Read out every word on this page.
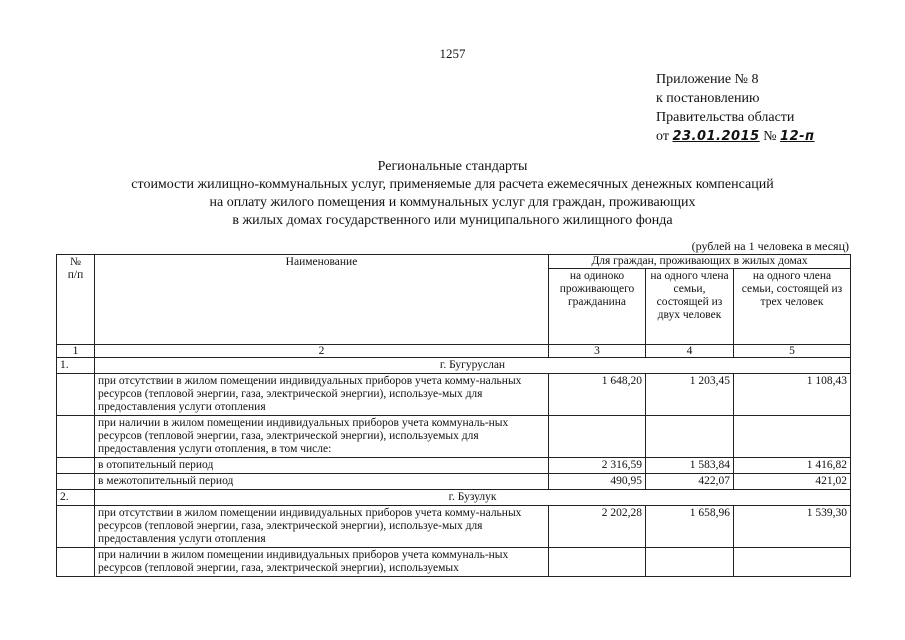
1257
Приложение № 8
к постановлению
Правительства области
от 23.01.2015 № 12-п
Региональные стандарты
стоимости жилищно-коммунальных услуг, применяемые для расчета ежемесячных денежных компенсаций
на оплату жилого помещения и коммунальных услуг для граждан, проживающих
в жилых домах государственного или муниципального жилищного фонда
(рублей на 1 человека в месяц)
№
п/п	Наименование	Для граждан, проживающих в жилых домах		
		на одиноко проживающего гражданина	на одного члена семьи, состоящей из двух человек	на одного члена семьи, состоящей из трех человек
1	2	3	4	5
1.	г. Бугуруслан			
	при отсутствии в жилом помещении индивидуальных приборов учета комму-нальных ресурсов (тепловой энергии, газа, электрической энергии), используе-мых для предоставления услуги отопления	1 648,20	1 203,45	1 108,43
	при наличии в жилом помещении индивидуальных приборов учета коммуналь-ных ресурсов (тепловой энергии, газа, электрической энергии), используемых для предоставления услуги отопления, в том числе:			
	в отопительный период	2 316,59	1 583,84	1 416,82
	в межотопительный период	490,95	422,07	421,02
2.	г. Бузулук			
	при отсутствии в жилом помещении индивидуальных приборов учета комму-нальных ресурсов (тепловой энергии, газа, электрической энергии), используе-мых для предоставления услуги отопления	2 202,28	1 658,96	1 539,30
	при наличии в жилом помещении индивидуальных приборов учета коммуналь-ных ресурсов (тепловой энергии, газа, электрической энергии), используемых			
